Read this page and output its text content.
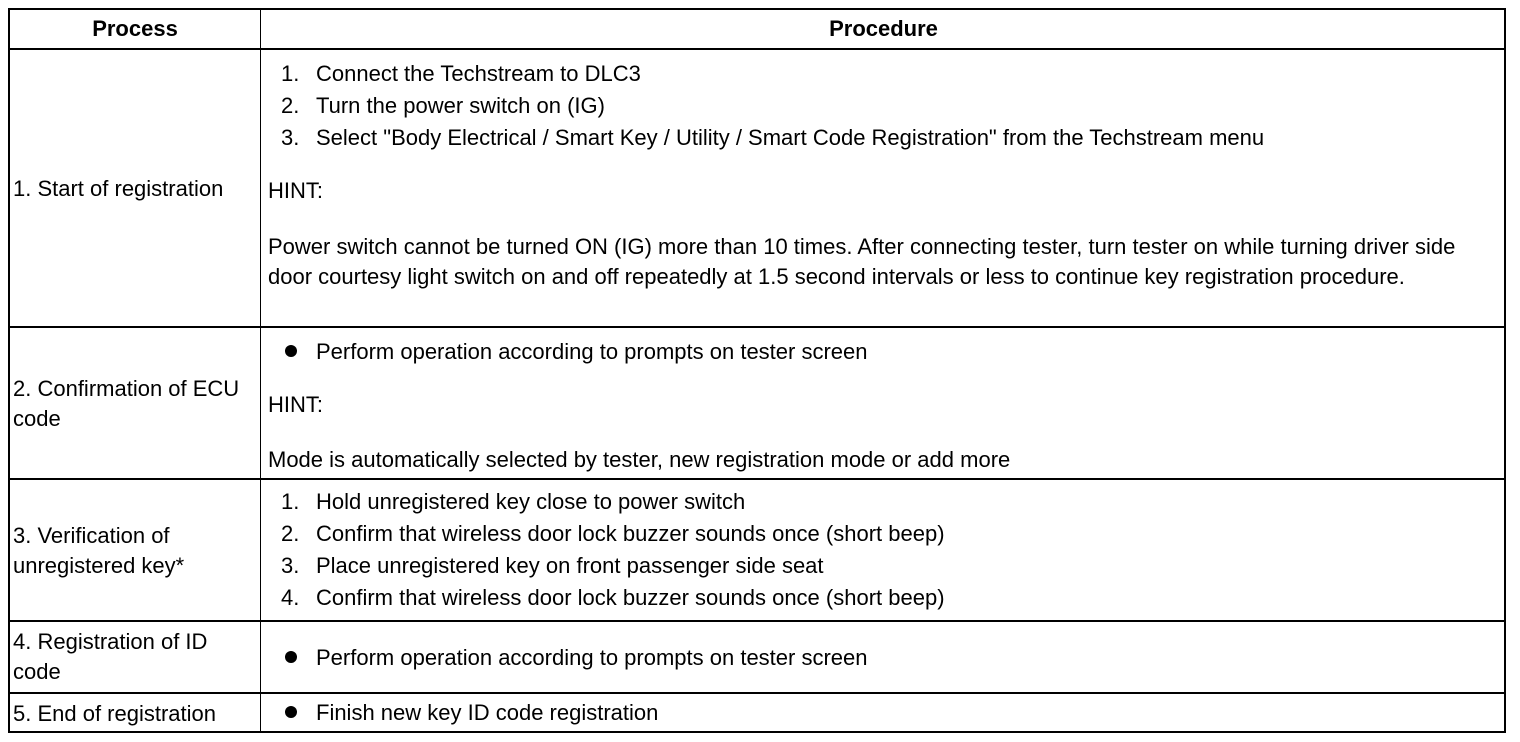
Process	Procedure
1. Start of registration
1. Connect the Techstream to DLC3
2. Turn the power switch on (IG)
3. Select "Body Electrical / Smart Key / Utility / Smart Code Registration" from the Techstream menu
HINT:
Power switch cannot be turned ON (IG) more than 10 times. After connecting tester, turn tester on while turning driver side door courtesy light switch on and off repeatedly at 1.5 second intervals or less to continue key registration procedure.
2. Confirmation of ECU code
Perform operation according to prompts on tester screen
HINT:
Mode is automatically selected by tester, new registration mode or add more
3. Verification of unregistered key*
1. Hold unregistered key close to power switch
2. Confirm that wireless door lock buzzer sounds once (short beep)
3. Place unregistered key on front passenger side seat
4. Confirm that wireless door lock buzzer sounds once (short beep)
4. Registration of ID code
Perform operation according to prompts on tester screen
5. End of registration	Finish new key ID code registration
